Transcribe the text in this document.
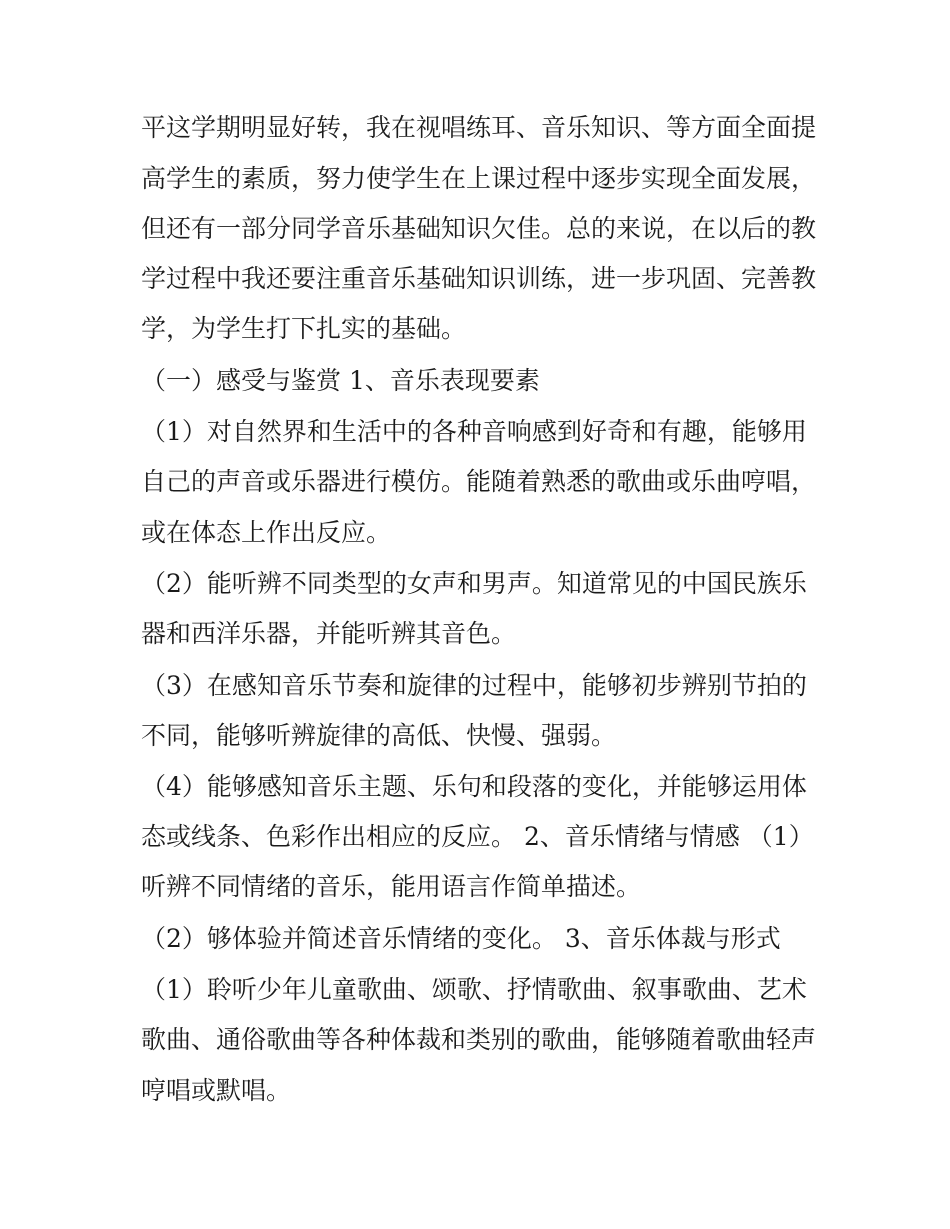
平这学期明显好转，我在视唱练耳、音乐知识、等方面全面提
高学生的素质，努力使学生在上课过程中逐步实现全面发展，
但还有一部分同学音乐基础知识欠佳。总的来说，在以后的教
学过程中我还要注重音乐基础知识训练，进一步巩固、完善教
学，为学生打下扎实的基础。
（一）感受与鉴赏 1、音乐表现要素
（1）对自然界和生活中的各种音响感到好奇和有趣，能够用
自己的声音或乐器进行模仿。能随着熟悉的歌曲或乐曲哼唱，
或在体态上作出反应。
（2）能听辨不同类型的女声和男声。知道常见的中国民族乐
器和西洋乐器，并能听辨其音色。
（3）在感知音乐节奏和旋律的过程中，能够初步辨别节拍的
不同，能够听辨旋律的高低、快慢、强弱。
（4）能够感知音乐主题、乐句和段落的变化，并能够运用体
态或线条、色彩作出相应的反应。 2、音乐情绪与情感 （1）
听辨不同情绪的音乐，能用语言作简单描述。
（2）够体验并简述音乐情绪的变化。 3、音乐体裁与形式
（1）聆听少年儿童歌曲、颂歌、抒情歌曲、叙事歌曲、艺术
歌曲、通俗歌曲等各种体裁和类别的歌曲，能够随着歌曲轻声
哼唱或默唱。
